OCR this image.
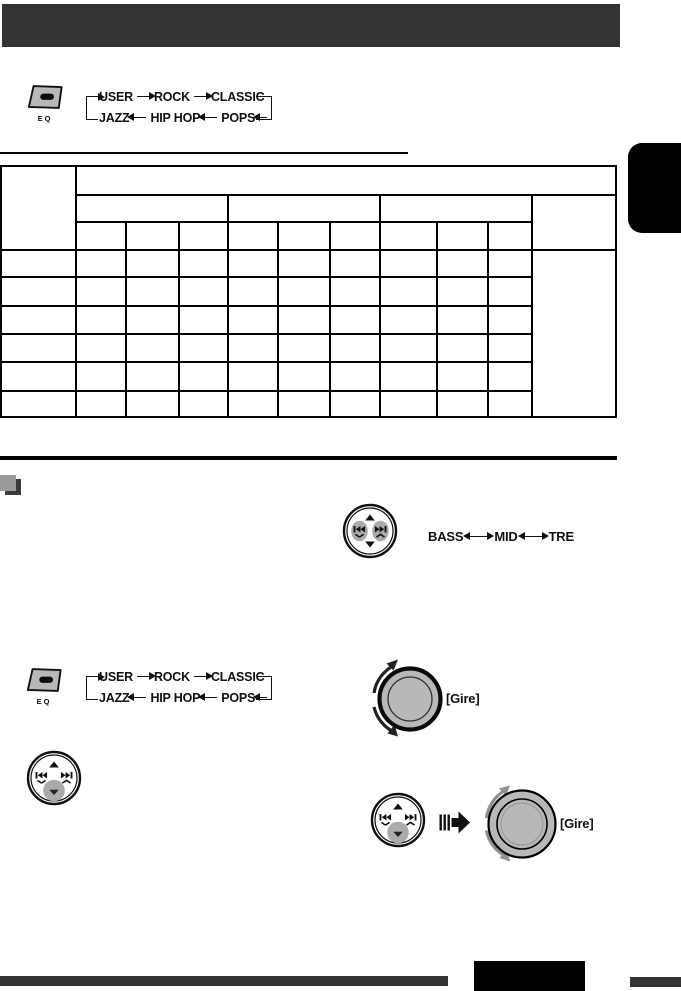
EQ
USER ROCK CLASSIC
JAZZ HIP HOP POPS
BASS MID TRE
EQ
USER ROCK CLASSIC
JAZZ HIP HOP POPS	[Gire]
[Gire]
